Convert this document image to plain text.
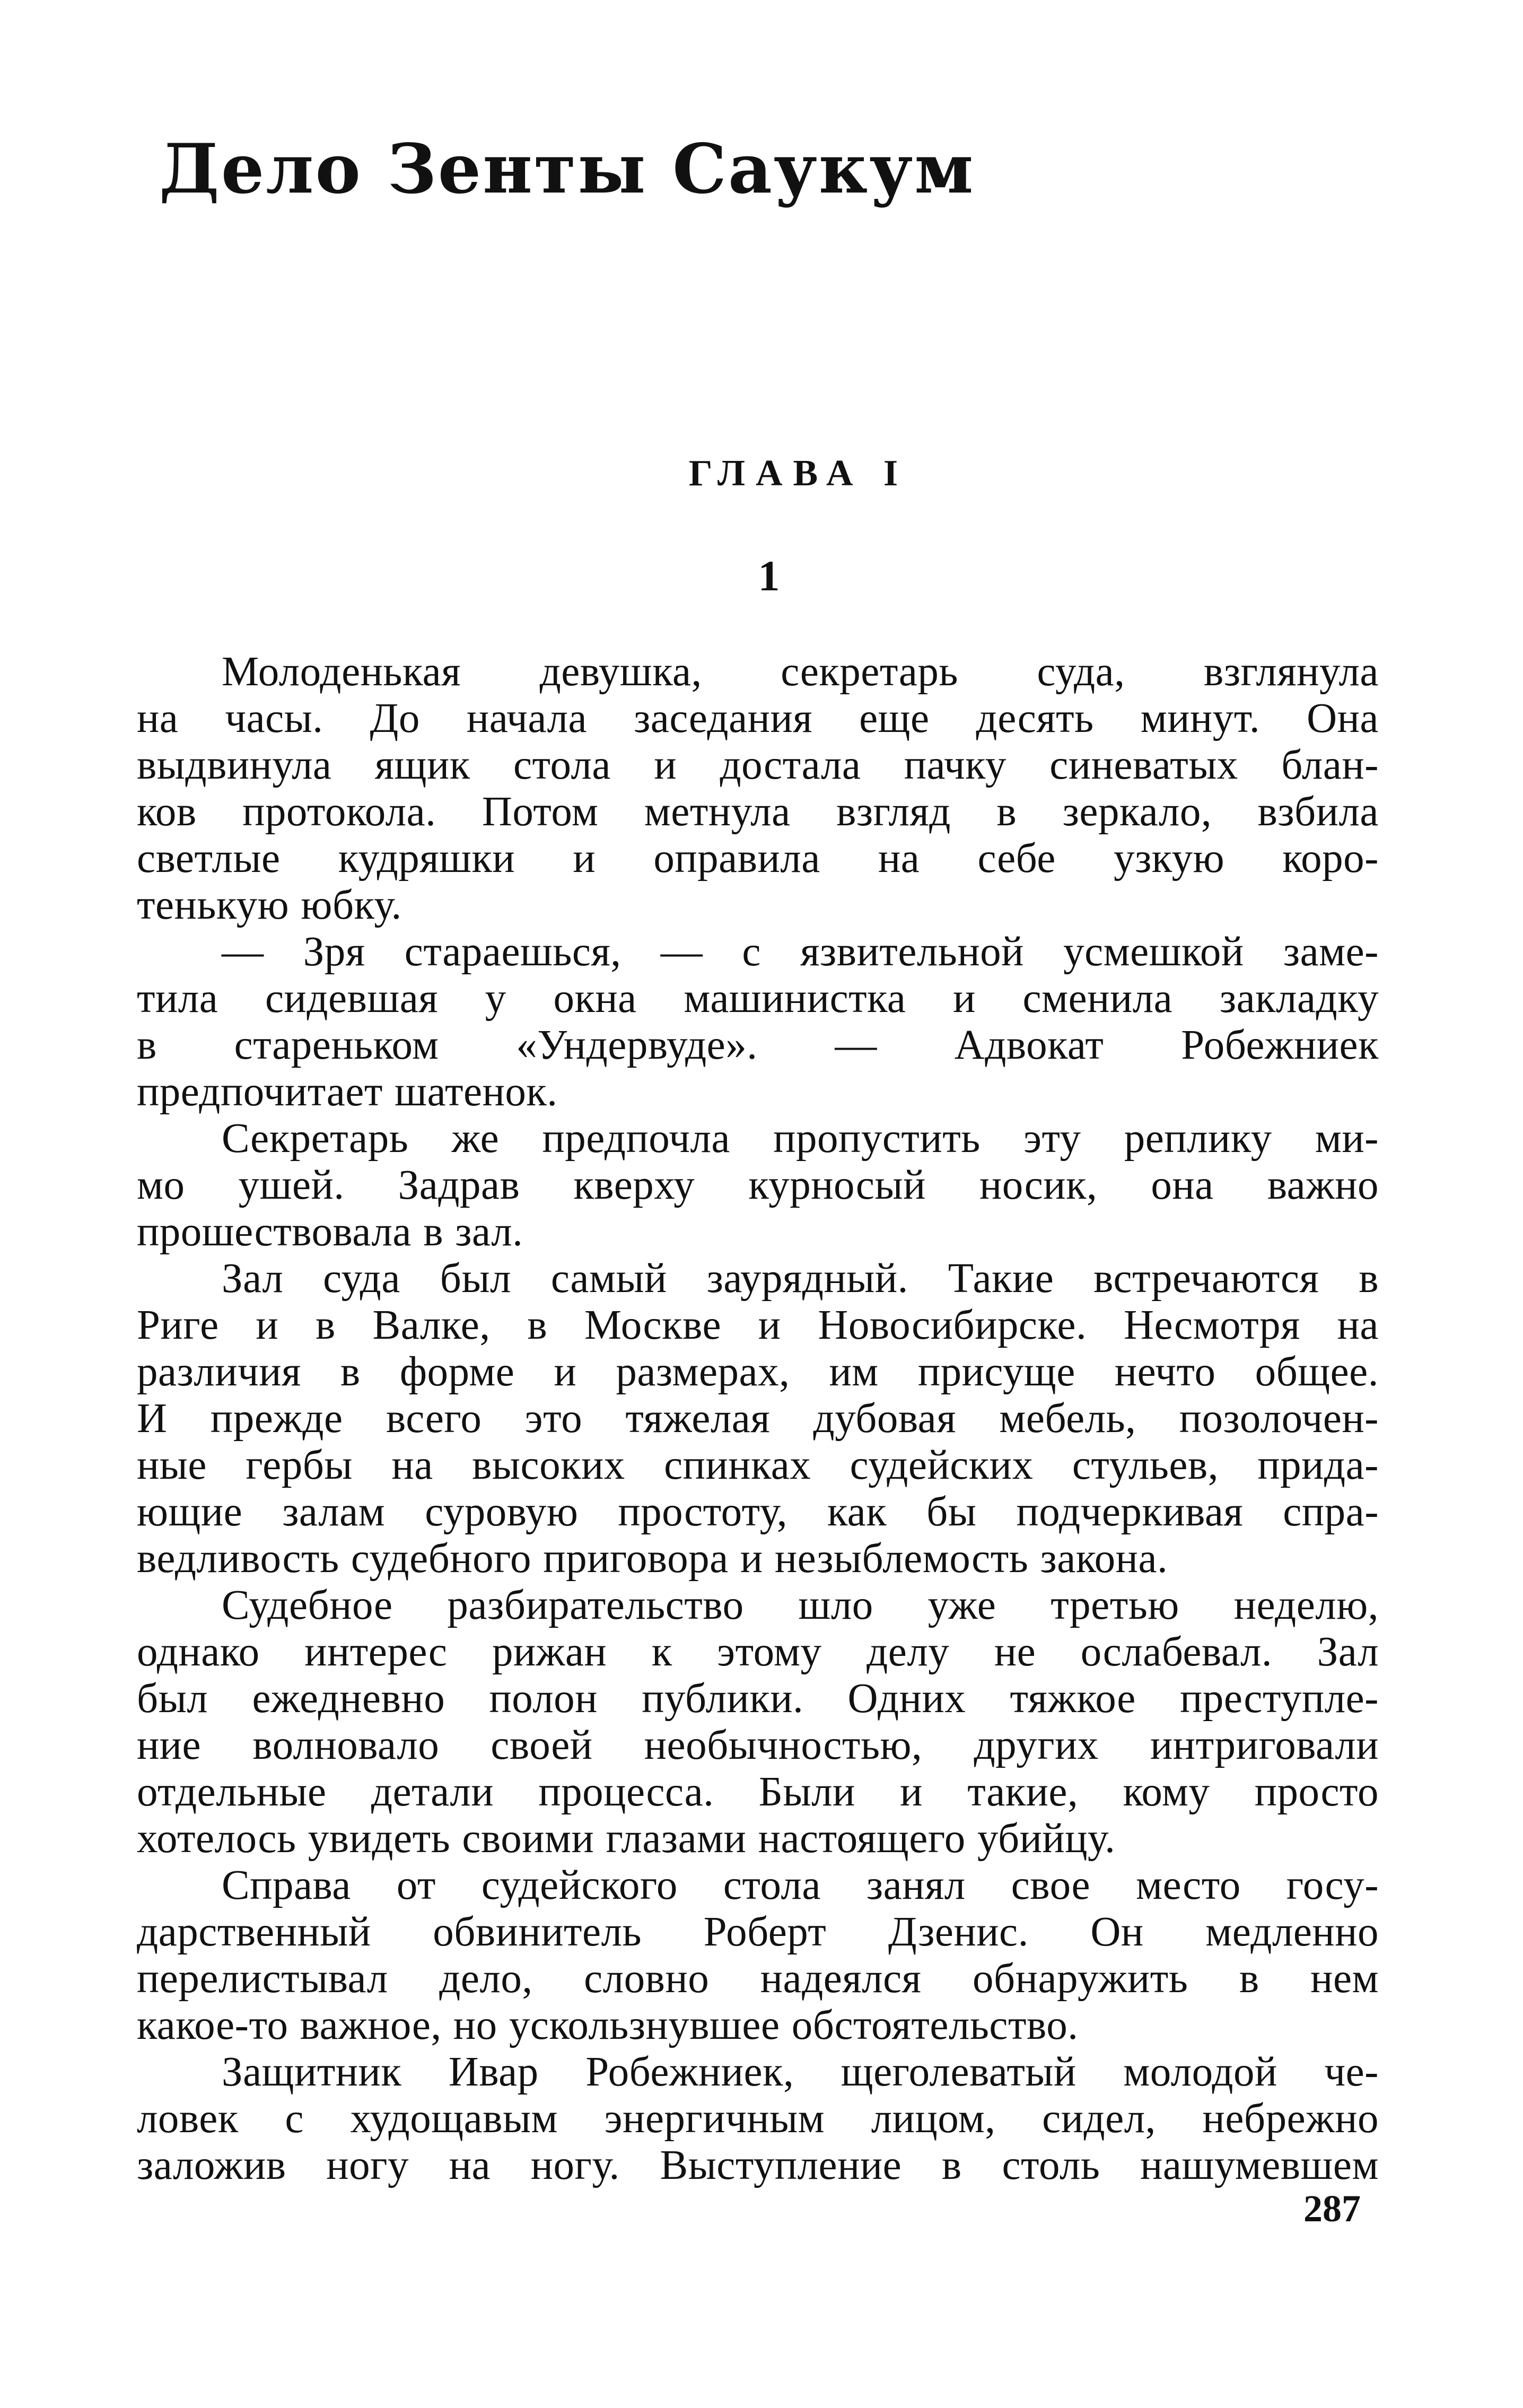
Дело Зенты Саукум
ГЛАВА I
1
Молоденькая девушка, секретарь суда, взглянула
на часы. До начала заседания еще десять минут. Она
выдвинула ящик стола и достала пачку синеватых блан-
ков протокола. Потом метнула взгляд в зеркало, взбила
светлые кудряшки и оправила на себе узкую коро-
тенькую юбку.
— Зря стараешься, — с язвительной усмешкой заме-
тила сидевшая у окна машинистка и сменила закладку
в стареньком «Ундервуде». — Адвокат Робежниек
предпочитает шатенок.
Секретарь же предпочла пропустить эту реплику ми-
мо ушей. Задрав кверху курносый носик, она важно
прошествовала в зал.
Зал суда был самый заурядный. Такие встречаются в
Риге и в Валке, в Москве и Новосибирске. Несмотря на
различия в форме и размерах, им присуще нечто общее.
И прежде всего это тяжелая дубовая мебель, позолочен-
ные гербы на высоких спинках судейских стульев, прида-
ющие залам суровую простоту, как бы подчеркивая спра-
ведливость судебного приговора и незыблемость закона.
Судебное разбирательство шло уже третью неделю,
однако интерес рижан к этому делу не ослабевал. Зал
был ежедневно полон публики. Одних тяжкое преступле-
ние волновало своей необычностью, других интриговали
отдельные детали процесса. Были и такие, кому просто
хотелось увидеть своими глазами настоящего убийцу.
Справа от судейского стола занял свое место госу-
дарственный обвинитель Роберт Дзенис. Он медленно
перелистывал дело, словно надеялся обнаружить в нем
какое-то важное, но ускользнувшее обстоятельство.
Защитник Ивар Робежниек, щеголеватый молодой че-
ловек с худощавым энергичным лицом, сидел, небрежно
заложив ногу на ногу. Выступление в столь нашумевшем
287
